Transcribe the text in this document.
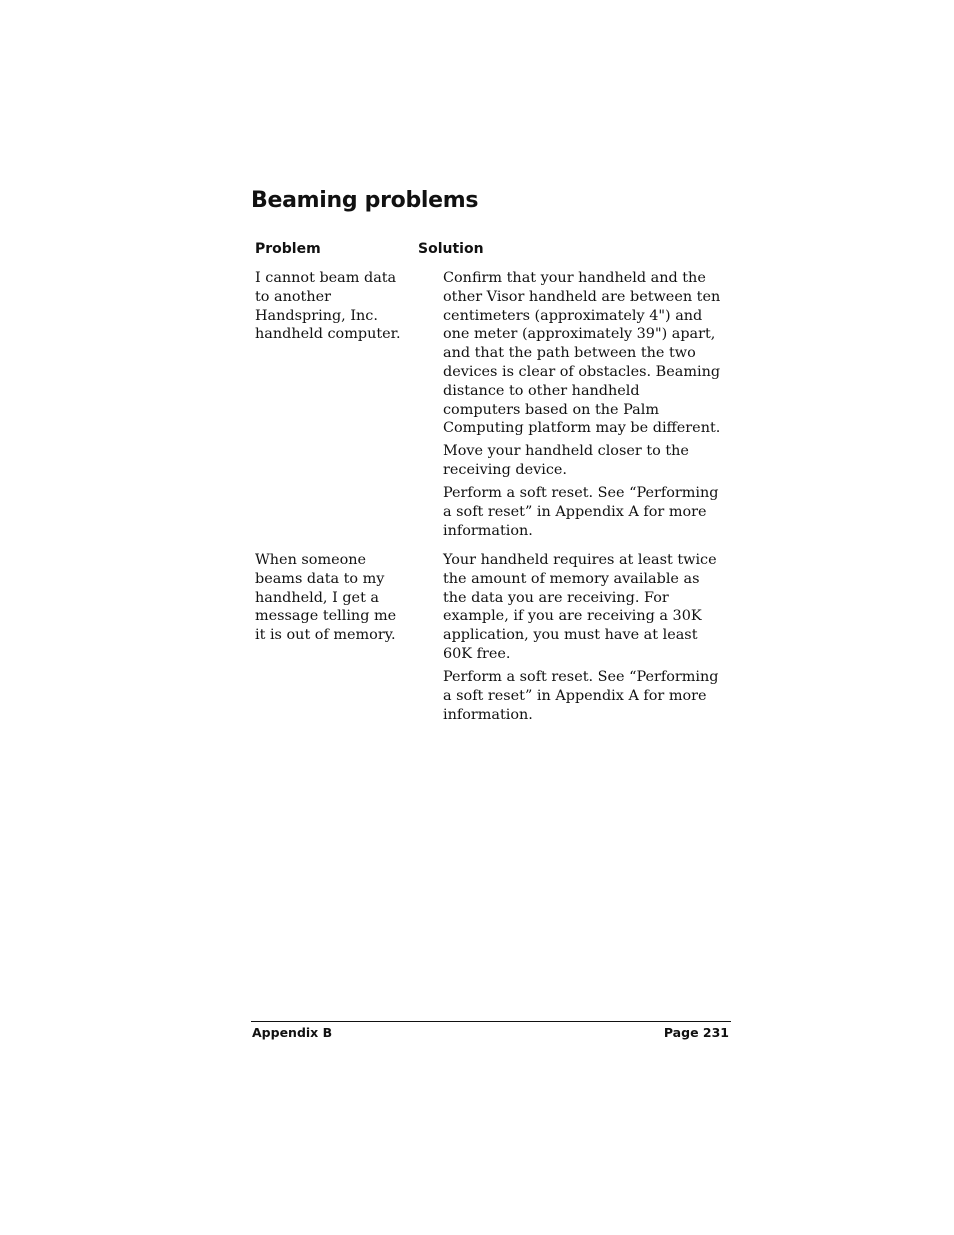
Beaming problems
Problem	Solution
I cannot beam data to another Handspring, Inc. handheld computer.

Confirm that your handheld and the other Visor handheld are between ten centimeters (approximately 4") and one meter (approximately 39") apart, and that the path between the two devices is clear of obstacles. Beaming distance to other handheld computers based on the Palm Computing platform may be different.

Move your handheld closer to the receiving device.

Perform a soft reset. See “Performing a soft reset” in Appendix A for more information.

When someone beams data to my handheld, I get a message telling me it is out of memory.

Your handheld requires at least twice the amount of memory available as the data you are receiving. For example, if you are receiving a 30K application, you must have at least 60K free.

Perform a soft reset. See “Performing a soft reset” in Appendix A for more information.

Appendix B	Page 231
